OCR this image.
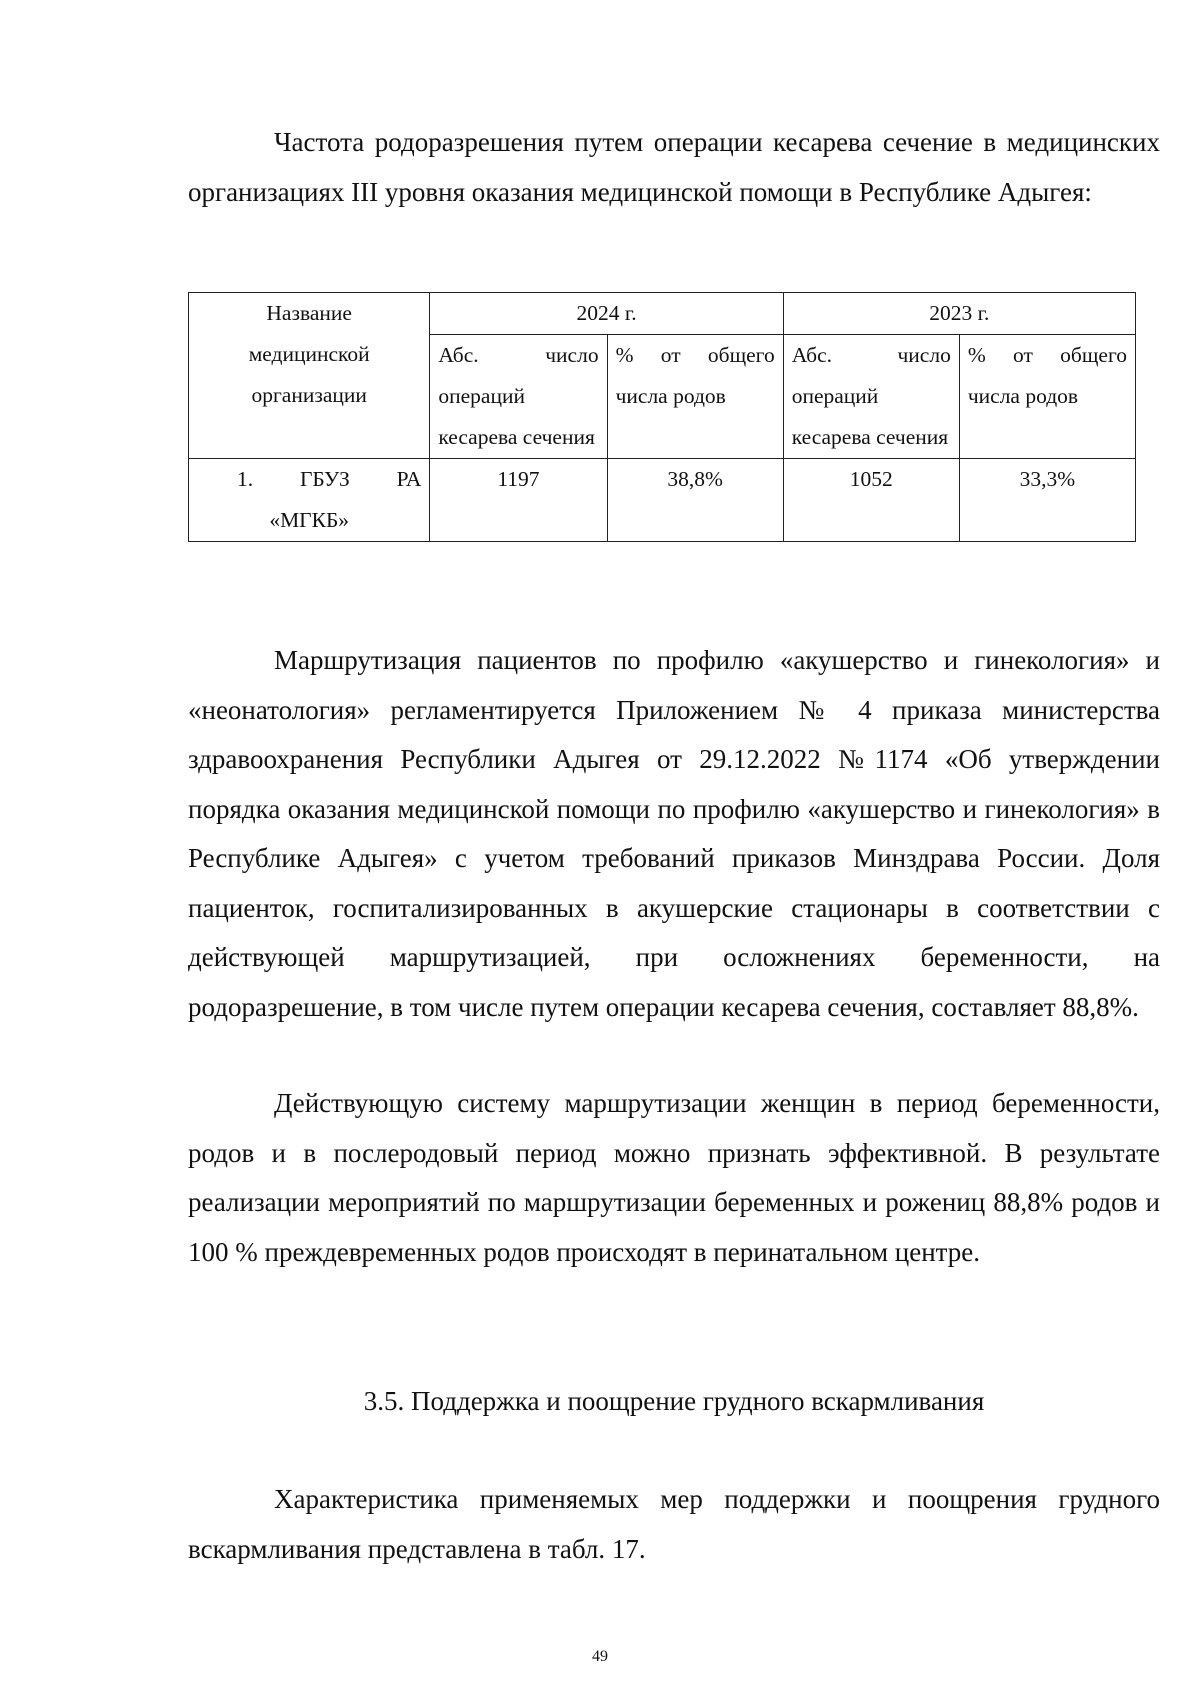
Частота родоразрешения путем операции кесарева сечение в медицинских организациях III уровня оказания медицинской помощи в Республике Адыгея:

Название медицинской организации	2024 г.		2023 г.	
	Абс. число операций кесарева сечения	% от общего числа родов	Абс. число операций кесарева сечения	% от общего числа родов

1. ГБУЗ РА
«МГКБ»	1197	38,8%	1052	33,3%

Маршрутизация пациентов по профилю «акушерство и гинекология» и «неонатология» регламентируется Приложением № 4 приказа министерства здравоохранения Республики Адыгея от 29.12.2022 №1174 «Об утверждении порядка оказания медицинской помощи по профилю «акушерство и гинекология» в Республике Адыгея» с учетом требований приказов Минздрава России. Доля пациенток, госпитализированных в акушерские стационары в соответствии с действующей маршрутизацией, при осложнениях беременности, на родоразрешение, в том числе путем операции кесарева сечения, составляет 88,8%.

Действующую систему маршрутизации женщин в период беременности, родов и в послеродовый период можно признать эффективной. В результате реализации мероприятий по маршрутизации беременных и рожениц 88,8% родов и 100 % преждевременных родов происходят в перинатальном центре.

3.5. Поддержка и поощрение грудного вскармливания

Характеристика применяемых мер поддержки и поощрения грудного вскармливания представлена в табл. 17.

49
